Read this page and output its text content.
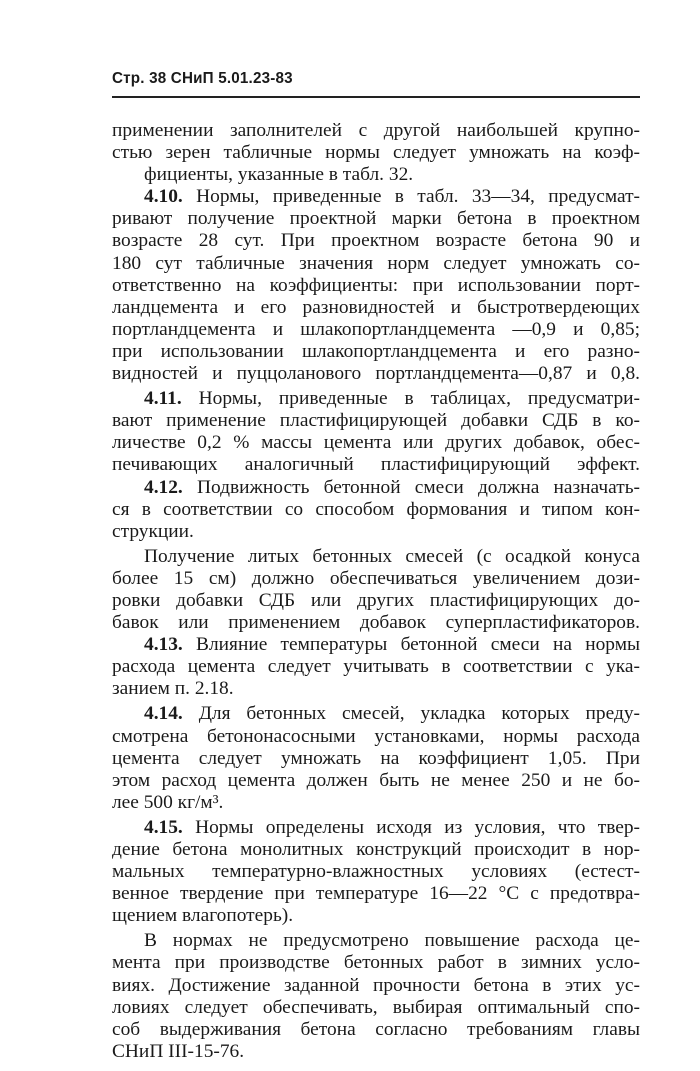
Стр. 38 СНиП 5.01.23-83
применении заполнителей с другой наибольшей крупно-
стью зерен табличные нормы следует умножать на коэф-
фициенты, указанные в табл. 32.
4.10. Нормы, приведенные в табл. 33—34, предусмат-
ривают получение проектной марки бетона в проектном
возрасте 28 сут. При проектном возрасте бетона 90 и
180 сут табличные значения норм следует умножать со-
ответственно на коэффициенты: при использовании порт-
ландцемента и его разновидностей и быстротвердеющих
портландцемента и шлакопортландцемента —0,9 и 0,85;
при использовании шлакопортландцемента и его разно-
видностей и пуццоланового портландцемента—0,87 и 0,8.
4.11. Нормы, приведенные в таблицах, предусматри-
вают применение пластифицирующей добавки СДБ в ко-
личестве 0,2 % массы цемента или других добавок, обес-
печивающих аналогичный пластифицирующий эффект.
4.12. Подвижность бетонной смеси должна назначать-
ся в соответствии со способом формования и типом кон-
струкции.
Получение литых бетонных смесей (с осадкой конуса
более 15 см) должно обеспечиваться увеличением дози-
ровки добавки СДБ или других пластифицирующих до-
бавок или применением добавок суперпластификаторов.
4.13. Влияние температуры бетонной смеси на нормы
расхода цемента следует учитывать в соответствии с ука-
занием п. 2.18.
4.14. Для бетонных смесей, укладка которых преду-
смотрена бетононасосными установками, нормы расхода
цемента следует умножать на коэффициент 1,05. При
этом расход цемента должен быть не менее 250 и не бо-
лее 500 кг/м³.
4.15. Нормы определены исходя из условия, что твер-
дение бетона монолитных конструкций происходит в нор-
мальных температурно-влажностных условиях (естест-
венное твердение при температуре 16—22 °С с предотвра-
щением влагопотерь).
В нормах не предусмотрено повышение расхода це-
мента при производстве бетонных работ в зимних усло-
виях. Достижение заданной прочности бетона в этих ус-
ловиях следует обеспечивать, выбирая оптимальный спо-
соб выдерживания бетона согласно требованиям главы
СНиП III-15-76.
